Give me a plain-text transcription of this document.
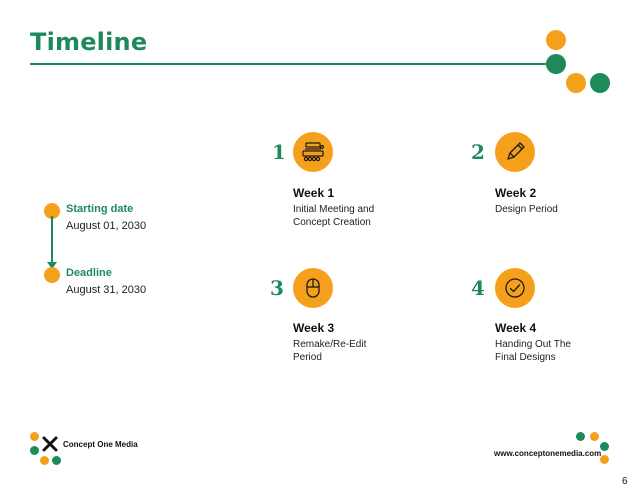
Timeline
Starting date
August 01, 2030
Deadline
August 31, 2030
1
Week 1
Initial Meeting and
Concept Creation
2
Week 2
Design Period
3
Week 3
Remake/Re-Edit
Period
4
Week 4
Handing Out The
Final Designs
Concept One Media
www.conceptonemedia.com
6
